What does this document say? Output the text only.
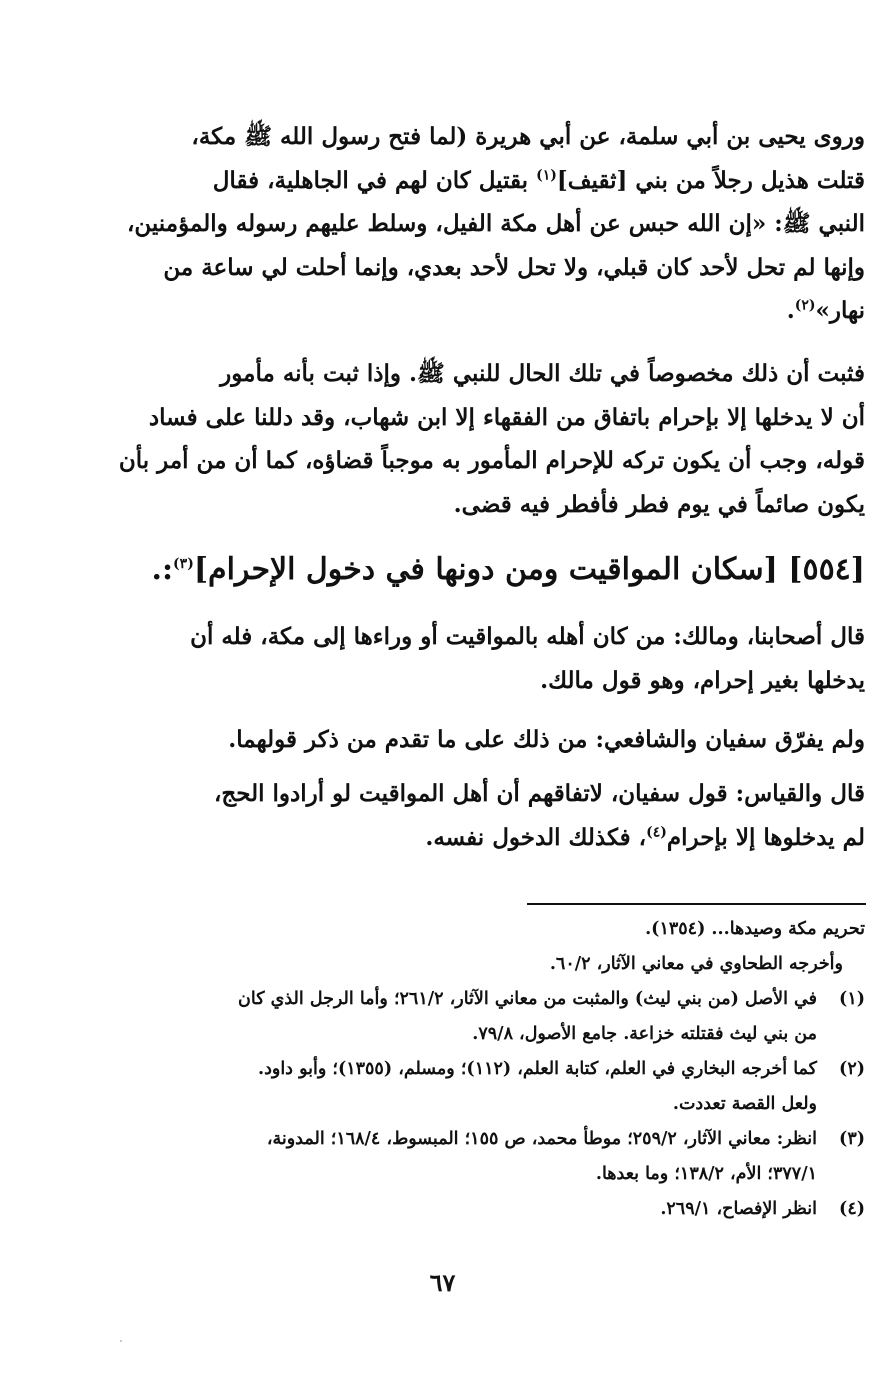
وروى يحيى بن أبي سلمة، عن أبي هريرة (لما فتح رسول الله ﷺ مكة،
قتلت هذيل رجلاً من بني [ثقيف]$^{(١)}$ بقتيل كان لهم في الجاهلية، فقال
النبي ﷺ: «إن الله حبس عن أهل مكة الفيل، وسلط عليهم رسوله والمؤمنين،
وإنها لم تحل لأحد كان قبلي، ولا تحل لأحد بعدي، وإنما أحلت لي ساعة من
نهار»$^{(٢)}$.

فثبت أن ذلك مخصوصاً في تلك الحال للنبي ﷺ. وإذا ثبت بأنه مأمور
أن لا يدخلها إلا بإحرام باتفاق من الفقهاء إلا ابن شهاب، وقد دللنا على فساد
قوله، وجب أن يكون تركه للإحرام المأمور به موجباً قضاؤه، كما أن من أمر بأن
يكون صائماً في يوم فطر فأفطر فيه قضى.

[٥٥٤] [سكان المواقيت ومن دونها في دخول الإحرام]$^{(٣)}$:.

قال أصحابنا، ومالك: من كان أهله بالمواقيت أو وراءها إلى مكة، فله أن
يدخلها بغير إحرام، وهو قول مالك.

ولم يفرّق سفيان والشافعي: من ذلك على ما تقدم من ذكر قولهما.

قال والقياس: قول سفيان، لاتفاقهم أن أهل المواقيت لو أرادوا الحج،
لم يدخلوها إلا بإحرام$^{(٤)}$، فكذلك الدخول نفسه.

تحريم مكة وصيدها... (١٣٥٤).
وأخرجه الطحاوي في معاني الآثار، ٦٠/٢.
(١)
في الأصل (من بني ليث) والمثبت من معاني الآثار، ٢٦١/٢؛ وأما الرجل الذي كان
من بني ليث فقتلته خزاعة. جامع الأصول، ٧٩/٨.
(٢)
كما أخرجه البخاري في العلم، كتابة العلم، (١١٢)؛ ومسلم، (١٣٥٥)؛ وأبو داود.
ولعل القصة تعددت.
(٣)
انظر: معاني الآثار، ٢٥٩/٢؛ موطأ محمد، ص ١٥٥؛ المبسوط، ١٦٨/٤؛ المدونة،
٣٧٧/١؛ الأم، ١٣٨/٢؛ وما بعدها.
(٤)
انظر الإفصاح، ٢٦٩/١.
٦٧
